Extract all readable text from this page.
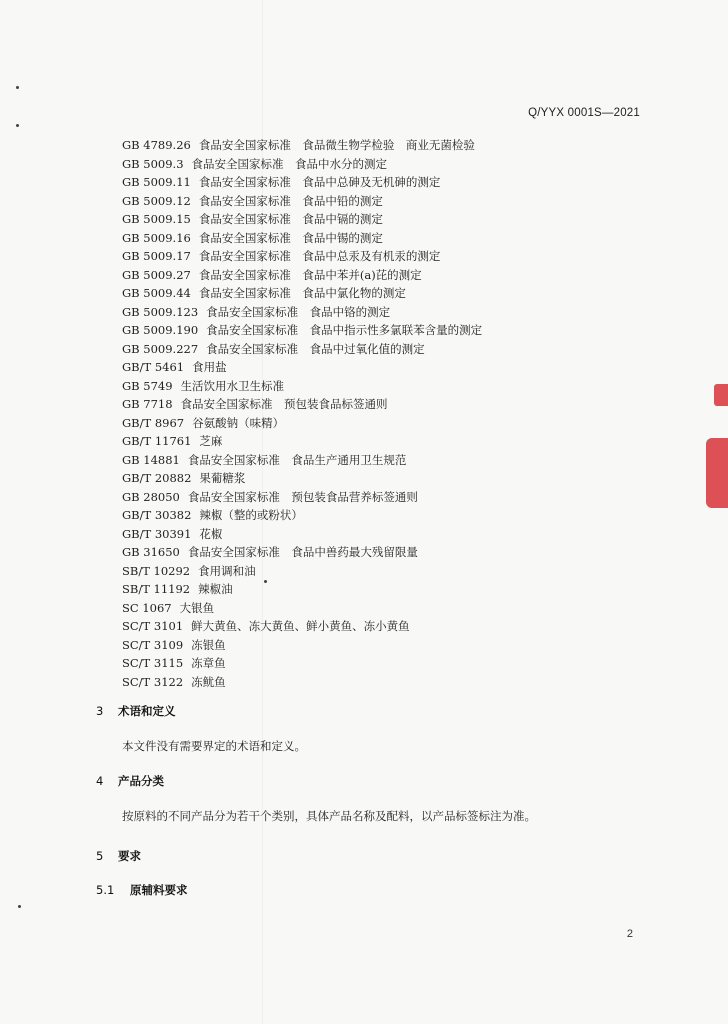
Q/YYX 0001S—2021
GB 4789.26 食品安全国家标准　食品微生物学检验　商业无菌检验
GB 5009.3 食品安全国家标准　食品中水分的测定
GB 5009.11 食品安全国家标准　食品中总砷及无机砷的测定
GB 5009.12 食品安全国家标准　食品中铅的测定
GB 5009.15 食品安全国家标准　食品中镉的测定
GB 5009.16 食品安全国家标准　食品中锡的测定
GB 5009.17 食品安全国家标准　食品中总汞及有机汞的测定
GB 5009.27 食品安全国家标准　食品中苯并(a)芘的测定
GB 5009.44 食品安全国家标准　食品中氯化物的测定
GB 5009.123 食品安全国家标准　食品中铬的测定
GB 5009.190 食品安全国家标准　食品中指示性多氯联苯含量的测定
GB 5009.227 食品安全国家标准　食品中过氧化值的测定
GB/T 5461 食用盐
GB 5749 生活饮用水卫生标准
GB 7718 食品安全国家标准　预包装食品标签通则
GB/T 8967 谷氨酸钠（味精）
GB/T 11761 芝麻
GB 14881 食品安全国家标准　食品生产通用卫生规范
GB/T 20882 果葡糖浆
GB 28050 食品安全国家标准　预包装食品营养标签通则
GB/T 30382 辣椒（整的或粉状）
GB/T 30391 花椒
GB 31650 食品安全国家标准　食品中兽药最大残留限量
SB/T 10292 食用调和油
SB/T 11192 辣椒油
SC 1067 大银鱼
SC/T 3101 鲜大黄鱼、冻大黄鱼、鲜小黄鱼、冻小黄鱼
SC/T 3109 冻银鱼
SC/T 3115 冻章鱼
SC/T 3122 冻鱿鱼
3 术语和定义
本文件没有需要界定的术语和定义。
4 产品分类
按原料的不同产品分为若干个类别，具体产品名称及配料，以产品标签标注为准。
5 要求
5.1 原辅料要求
2
